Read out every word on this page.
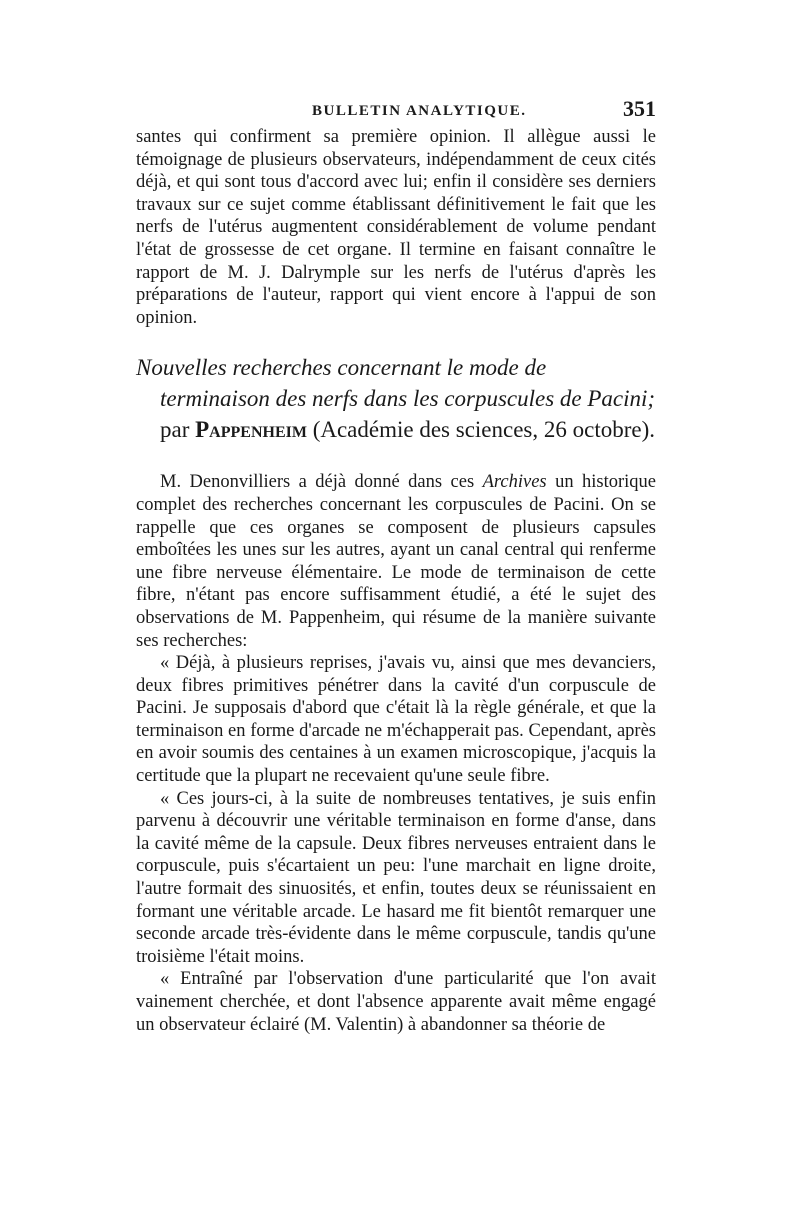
BULLETIN ANALYTIQUE.	351

santes qui confirment sa première opinion. Il allègue aussi le témoignage de plusieurs observateurs, indépendamment de ceux cités déjà, et qui sont tous d'accord avec lui; enfin il considère ses derniers travaux sur ce sujet comme établissant définitivement le fait que les nerfs de l'utérus augmentent considérablement de volume pendant l'état de grossesse de cet organe. Il termine en faisant connaître le rapport de M. J. Dalrymple sur les nerfs de l'utérus d'après les préparations de l'auteur, rapport qui vient encore à l'appui de son opinion.

Nouvelles recherches concernant le mode de terminaison des nerfs dans les corpuscules de Pacini; par Pappenheim (Académie des sciences, 26 octobre).

M. Denonvilliers a déjà donné dans ces Archives un historique complet des recherches concernant les corpuscules de Pacini. On se rappelle que ces organes se composent de plusieurs capsules emboîtées les unes sur les autres, ayant un canal central qui renferme une fibre nerveuse élémentaire. Le mode de terminaison de cette fibre, n'étant pas encore suffisamment étudié, a été le sujet des observations de M. Pappenheim, qui résume de la manière suivante ses recherches:

« Déjà, à plusieurs reprises, j'avais vu, ainsi que mes devanciers, deux fibres primitives pénétrer dans la cavité d'un corpuscule de Pacini. Je supposais d'abord que c'était là la règle générale, et que la terminaison en forme d'arcade ne m'échapperait pas. Cependant, après en avoir soumis des centaines à un examen microscopique, j'acquis la certitude que la plupart ne recevaient qu'une seule fibre.

« Ces jours-ci, à la suite de nombreuses tentatives, je suis enfin parvenu à découvrir une véritable terminaison en forme d'anse, dans la cavité même de la capsule. Deux fibres nerveuses entraient dans le corpuscule, puis s'écartaient un peu: l'une marchait en ligne droite, l'autre formait des sinuosités, et enfin, toutes deux se réunissaient en formant une véritable arcade. Le hasard me fit bientôt remarquer une seconde arcade très-évidente dans le même corpuscule, tandis qu'une troisième l'était moins.

« Entraîné par l'observation d'une particularité que l'on avait vainement cherchée, et dont l'absence apparente avait même engagé un observateur éclairé (M. Valentin) à abandonner sa théorie de
